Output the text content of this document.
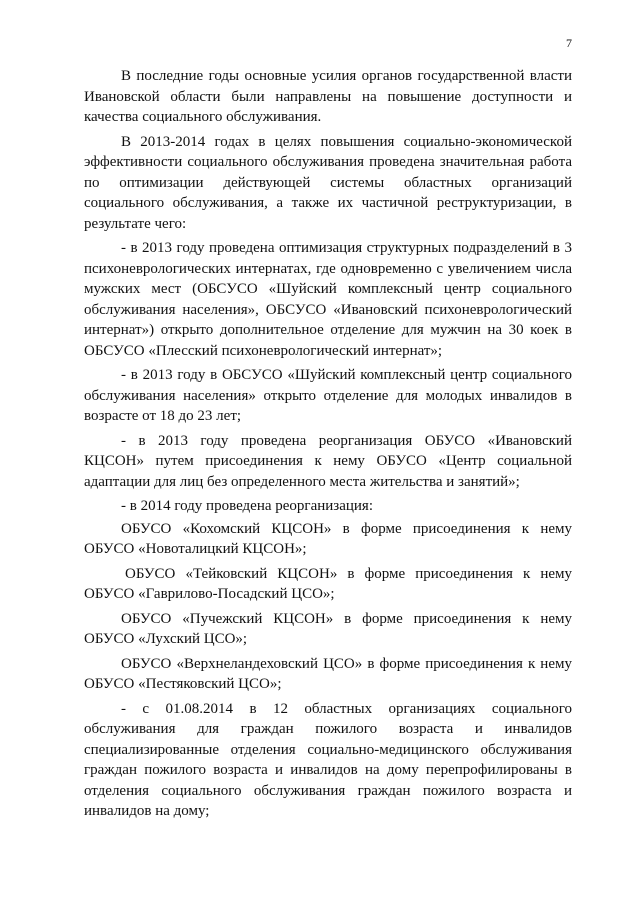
7

В последние годы основные усилия органов государственной власти Ивановской области были направлены на повышение доступности и качества социального обслуживания.

В 2013-2014 годах в целях повышения социально-экономической эффективности социального обслуживания проведена значительная работа по оптимизации действующей системы областных организаций социального обслуживания, а также их частичной реструктуризации, в результате чего:

- в 2013 году проведена оптимизация структурных подразделений в 3 психоневрологических интернатах, где одновременно с увеличением числа мужских мест (ОБСУСО «Шуйский комплексный центр социального обслуживания населения», ОБСУСО «Ивановский психоневрологический интернат») открыто дополнительное отделение для мужчин на 30 коек в ОБСУСО «Плесский психоневрологический интернат»;

- в 2013 году в ОБСУСО «Шуйский комплексный центр социального обслуживания населения» открыто отделение для молодых инвалидов в возрасте от 18 до 23 лет;

- в 2013 году проведена реорганизация ОБУСО «Ивановский КЦСОН» путем присоединения к нему ОБУСО «Центр социальной адаптации для лиц без определенного места жительства и занятий»;

- в 2014 году проведена реорганизация:

ОБУСО «Кохомский КЦСОН» в форме присоединения к нему ОБУСО «Новоталицкий КЦСОН»;

ОБУСО «Тейковский КЦСОН» в форме присоединения к нему ОБУСО «Гаврилово-Посадский ЦСО»;

ОБУСО «Пучежский КЦСОН» в форме присоединения к нему ОБУСО «Лухский ЦСО»;

ОБУСО «Верхнеландеховский ЦСО» в форме присоединения к нему ОБУСО «Пестяковский ЦСО»;

- с 01.08.2014 в 12 областных организациях социального обслуживания для граждан пожилого возраста и инвалидов специализированные отделения социально-медицинского обслуживания граждан пожилого возраста и инвалидов на дому перепрофилированы в отделения социального обслуживания граждан пожилого возраста и инвалидов на дому;
